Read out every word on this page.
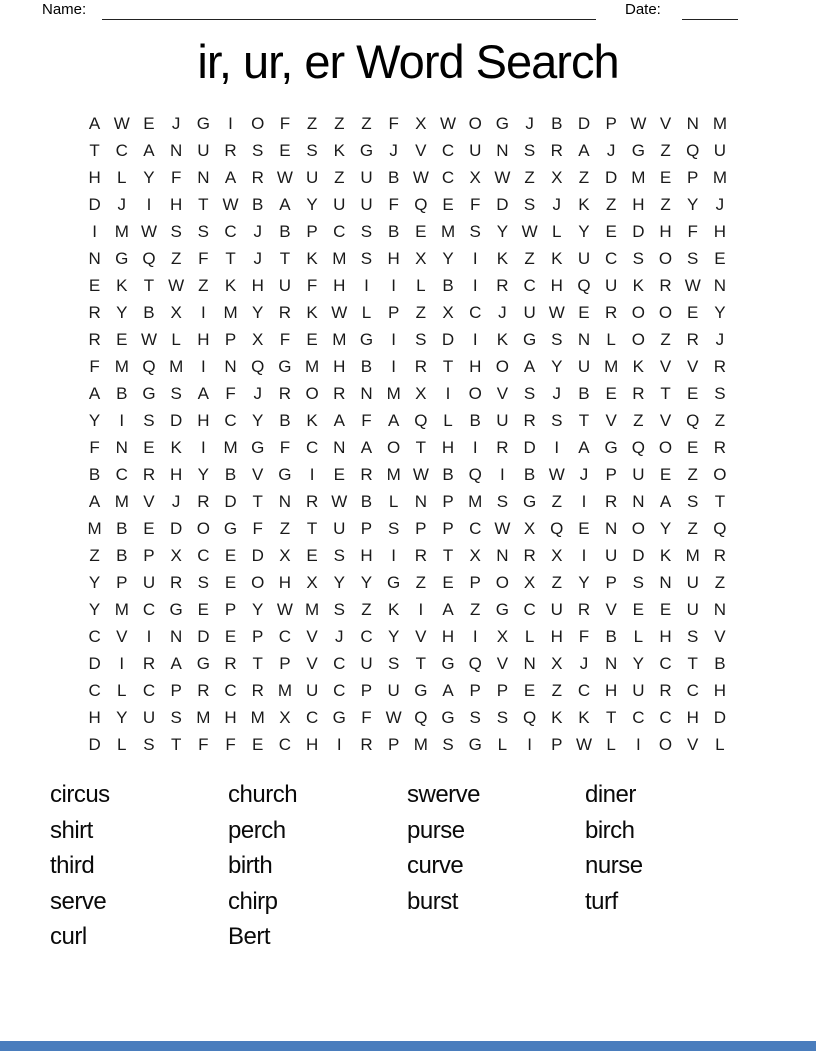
Name:	Date:
ir, ur, er Word Search
A W E	J G	I	O F Z Z Z F X W O G J	B D P W V N M
T C A N U R S E S K G J	V C U N S R A	J G Z Q U
H L Y F N A R W U Z U B W C X W Z X Z D M E P M
D J	I	H T W B A Y U U F Q E F D S	J	K Z H Z Y	J
I	M W S S C J	B P C S B E M S Y W L Y E D H F H
N G Q Z F T	J	T K M S H X Y	I	K Z K U C S O S E
E K T W Z K H U F H	I	I	L B	I	R C H Q U K R W N
R Y B X	I	M Y R K W L P Z X C J U W E R O O E Y
R E W L H P X F E M G	I	S D	I	K G S N L O Z R J
F M Q M	I	N Q G M H B	I	R T H O A Y U M K V V R
A B G S A F	J R O R N M X	I	O V S	J	B E R T E S
Y	I	S D H C Y B K A F A Q L B U R S T V Z V Q Z
F N E K	I	M G F C N A O T H	I	R D	I	A G Q O E R
B C R H Y B V G	I	E R M W B Q	I	B W J	P U E Z O
A M V	J R D T N R W B L N P M S G Z	I	R N A S T
M B E D O G F Z T U P S P P C W X Q E N O Y Z Q
Z B P X C E D X E S H	I	R T X N R X	I	U D K M R
Y P U R S E O H X Y Y G Z E P O X Z Y P S N U Z
Y M C G E P Y W M S Z K	I	A Z G C U R V E E U N
C V	I	N D E P C V	J C Y V H	I	X L H F B L H S V
D	I	R A G R T P V C U S T G Q V N X	J N Y C T B
C L C P R C R M U C P U G A P P E Z C H U R C H
H Y U S M H M X C G F W Q G S S Q K K T C C H D
D L S T F F E C H	I	R P M S G L	I	P W L	I	O V L
circus
shirt
third
serve
curl
church
perch
birth
chirp
Bert
swerve
purse
curve
burst
diner
birch
nurse
turf
